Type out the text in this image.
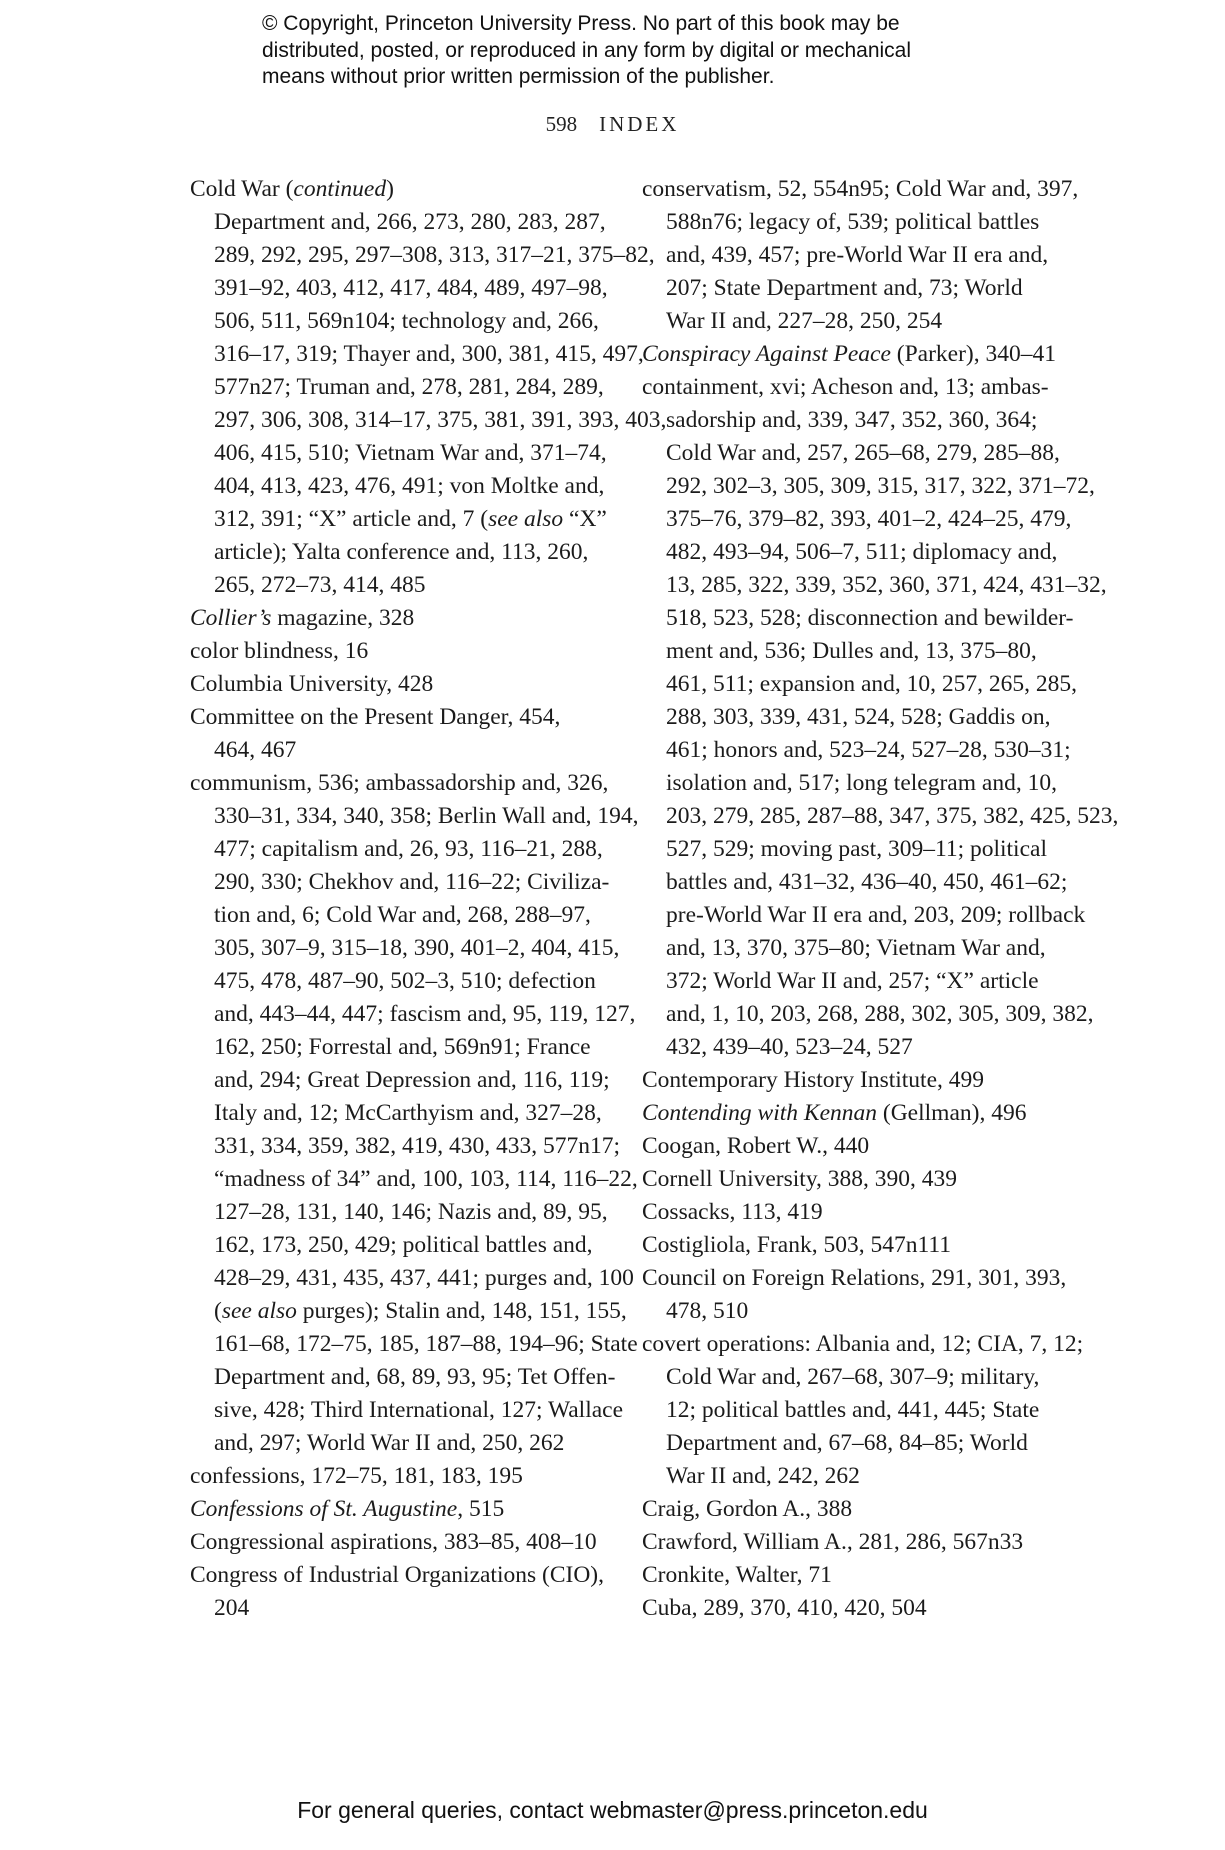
© Copyright, Princeton University Press. No part of this book may be
distributed, posted, or reproduced in any form by digital or mechanical
means without prior written permission of the publisher.
598 INDEX
Cold War (continued)
Department and, 266, 273, 280, 283, 287,
289, 292, 295, 297–308, 313, 317–21, 375–82,
391–92, 403, 412, 417, 484, 489, 497–98,
506, 511, 569n104; technology and, 266,
316–17, 319; Thayer and, 300, 381, 415, 497,
577n27; Truman and, 278, 281, 284, 289,
297, 306, 308, 314–17, 375, 381, 391, 393, 403,
406, 415, 510; Vietnam War and, 371–74,
404, 413, 423, 476, 491; von Moltke and,
312, 391; “X” article and, 7 (see also “X”
article); Yalta conference and, 113, 260,
265, 272–73, 414, 485
Collier’s magazine, 328
color blindness, 16
Columbia University, 428
Committee on the Present Danger, 454,
464, 467
communism, 536; ambassadorship and, 326,
330–31, 334, 340, 358; Berlin Wall and, 194,
477; capitalism and, 26, 93, 116–21, 288,
290, 330; Chekhov and, 116–22; Civiliza-
tion and, 6; Cold War and, 268, 288–97,
305, 307–9, 315–18, 390, 401–2, 404, 415,
475, 478, 487–90, 502–3, 510; defection
and, 443–44, 447; fascism and, 95, 119, 127,
162, 250; Forrestal and, 569n91; France
and, 294; Great Depression and, 116, 119;
Italy and, 12; McCarthyism and, 327–28,
331, 334, 359, 382, 419, 430, 433, 577n17;
“madness of 34” and, 100, 103, 114, 116–22,
127–28, 131, 140, 146; Nazis and, 89, 95,
162, 173, 250, 429; political battles and,
428–29, 431, 435, 437, 441; purges and, 100
(see also purges); Stalin and, 148, 151, 155,
161–68, 172–75, 185, 187–88, 194–96; State
Department and, 68, 89, 93, 95; Tet Offen-
sive, 428; Third International, 127; Wallace
and, 297; World War II and, 250, 262
confessions, 172–75, 181, 183, 195
Confessions of St. Augustine, 515
Congressional aspirations, 383–85, 408–10
Congress of Industrial Organizations (CIO),
204
conservatism, 52, 554n95; Cold War and, 397,
588n76; legacy of, 539; political battles
and, 439, 457; pre-World War II era and,
207; State Department and, 73; World
War II and, 227–28, 250, 254
Conspiracy Against Peace (Parker), 340–41
containment, xvi; Acheson and, 13; ambas-
sadorship and, 339, 347, 352, 360, 364;
Cold War and, 257, 265–68, 279, 285–88,
292, 302–3, 305, 309, 315, 317, 322, 371–72,
375–76, 379–82, 393, 401–2, 424–25, 479,
482, 493–94, 506–7, 511; diplomacy and,
13, 285, 322, 339, 352, 360, 371, 424, 431–32,
518, 523, 528; disconnection and bewilder-
ment and, 536; Dulles and, 13, 375–80,
461, 511; expansion and, 10, 257, 265, 285,
288, 303, 339, 431, 524, 528; Gaddis on,
461; honors and, 523–24, 527–28, 530–31;
isolation and, 517; long telegram and, 10,
203, 279, 285, 287–88, 347, 375, 382, 425, 523,
527, 529; moving past, 309–11; political
battles and, 431–32, 436–40, 450, 461–62;
pre-World War II era and, 203, 209; rollback
and, 13, 370, 375–80; Vietnam War and,
372; World War II and, 257; “X” article
and, 1, 10, 203, 268, 288, 302, 305, 309, 382,
432, 439–40, 523–24, 527
Contemporary History Institute, 499
Contending with Kennan (Gellman), 496
Coogan, Robert W., 440
Cornell University, 388, 390, 439
Cossacks, 113, 419
Costigliola, Frank, 503, 547n111
Council on Foreign Relations, 291, 301, 393,
478, 510
covert operations: Albania and, 12; CIA, 7, 12;
Cold War and, 267–68, 307–9; military,
12; political battles and, 441, 445; State
Department and, 67–68, 84–85; World
War II and, 242, 262
Craig, Gordon A., 388
Crawford, William A., 281, 286, 567n33
Cronkite, Walter, 71
Cuba, 289, 370, 410, 420, 504
For general queries, contact webmaster@press.princeton.edu
